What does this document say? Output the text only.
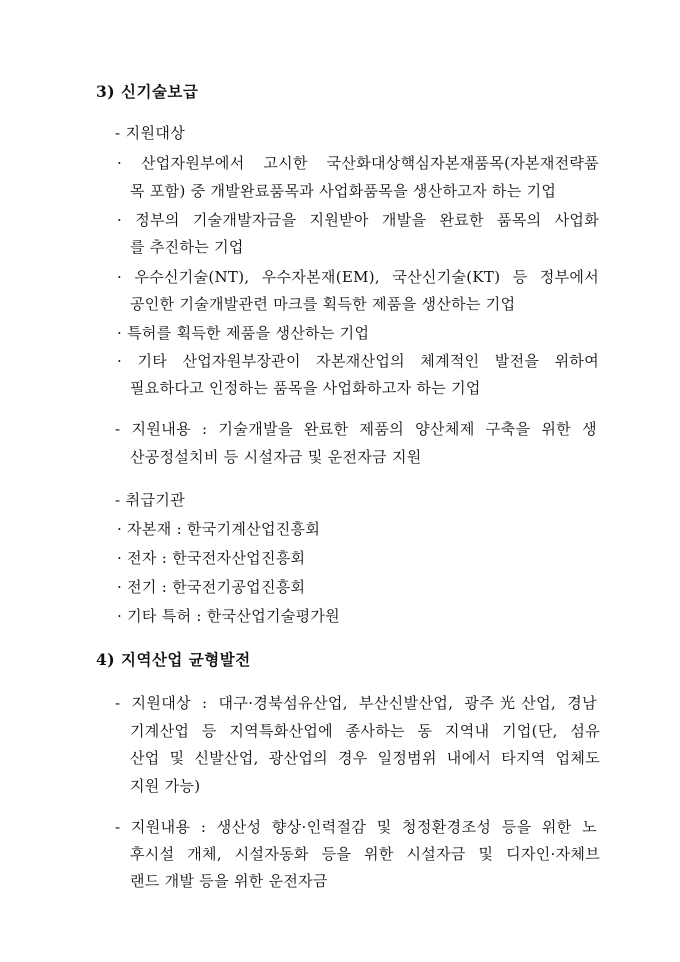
3) 신기술보급
- 지원대상
· 산업자원부에서 고시한 국산화대상핵심자본재품목(자본재전략품
목 포함) 중 개발완료품목과 사업화품목을 생산하고자 하는 기업
· 정부의 기술개발자금을 지원받아 개발을 완료한 품목의 사업화
를 추진하는 기업
· 우수신기술(NT), 우수자본재(EM), 국산신기술(KT) 등 정부에서
공인한 기술개발관련 마크를 획득한 제품을 생산하는 기업
· 특허를 획득한 제품을 생산하는 기업
· 기타 산업자원부장관이 자본재산업의 체계적인 발전을 위하여
필요하다고 인정하는 품목을 사업화하고자 하는 기업
- 지원내용 : 기술개발을 완료한 제품의 양산체제 구축을 위한 생
산공정설치비 등 시설자금 및 운전자금 지원
- 취급기관
· 자본재 : 한국기계산업진흥회
· 전자 : 한국전자산업진흥회
· 전기 : 한국전기공업진흥회
· 기타 특허 : 한국산업기술평가원
4) 지역산업 균형발전
- 지원대상 : 대구·경북섬유산업, 부산신발산업, 광주光산업, 경남
기계산업 등 지역특화산업에 종사하는 동 지역내 기업(단, 섬유
산업 및 신발산업, 광산업의 경우 일정범위 내에서 타지역 업체도
지원 가능)
- 지원내용 : 생산성 향상·인력절감 및 청정환경조성 등을 위한 노
후시설 개체, 시설자동화 등을 위한 시설자금 및 디자인·자체브
랜드 개발 등을 위한 운전자금
